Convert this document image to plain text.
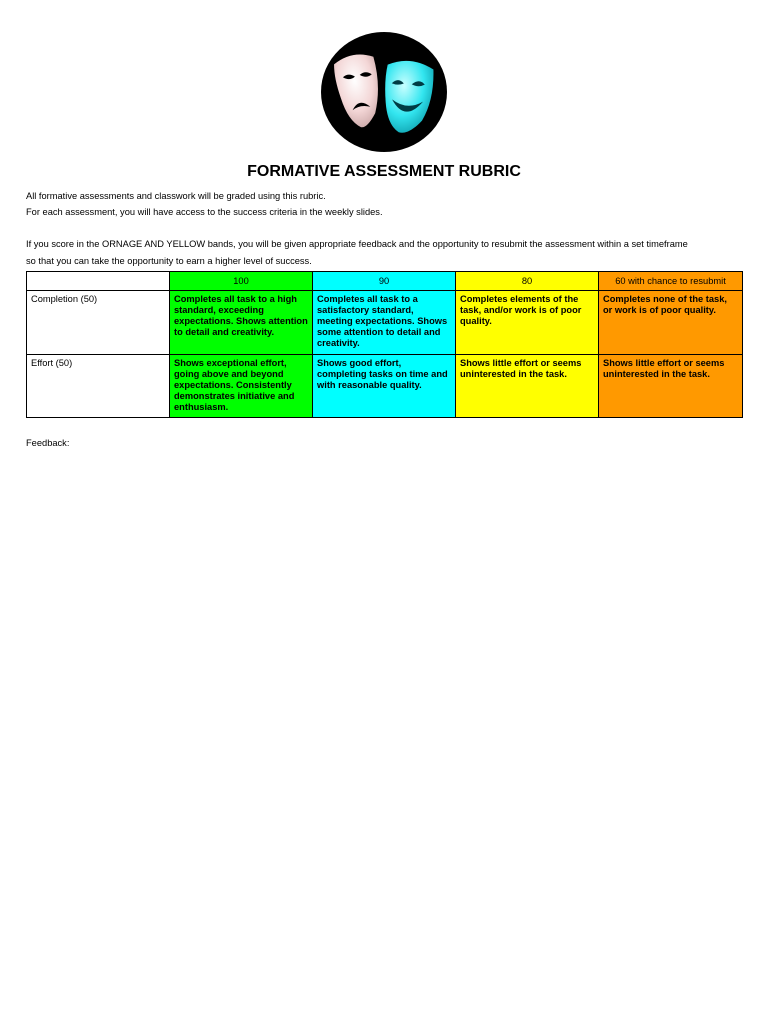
FORMATIVE ASSESSMENT RUBRIC
All formative assessments and classwork will be graded using this rubric.
For each assessment, you will have access to the success criteria in the weekly slides.
If you score in the ORNAGE AND YELLOW bands, you will be given appropriate feedback and the opportunity to resubmit the assessment within a set timeframe
so that you can take the opportunity to earn a higher level of success.
	100	90	80	60 with chance to resubmit
Completion (50)	Completes all task to a high standard, exceeding expectations. Shows attention to detail and creativity.	Completes all task to a satisfactory standard, meeting expectations. Shows some attention to detail and creativity.	Completes elements of the task, and/or work is of poor quality.	Completes none of the task, or work is of poor quality.
Effort (50)	Shows exceptional effort, going above and beyond expectations. Consistently demonstrates initiative and enthusiasm.	Shows good effort, completing tasks on time and with reasonable quality.	Shows little effort or seems uninterested in the task.	Shows little effort or seems uninterested in the task.
Feedback:
